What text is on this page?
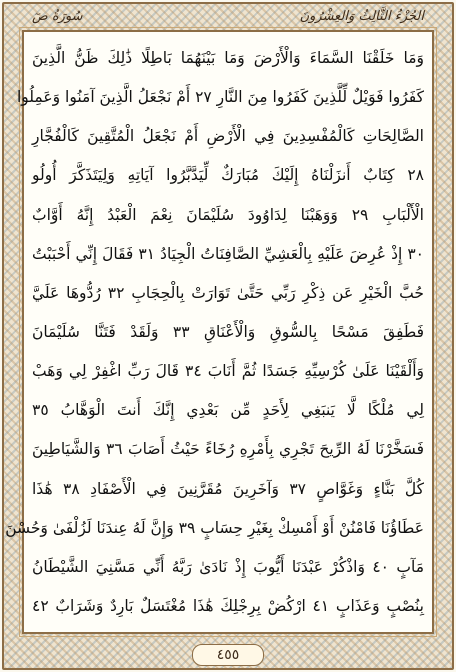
الجُزْءُ الثَّالِثُ وَالعِشْرُونَ
سُورَةُ صٓ
وَمَا خَلَقْنَا السَّمَاءَ وَالْأَرْضَ وَمَا بَيْنَهُمَا بَاطِلًا ذَٰلِكَ ظَنُّ الَّذِينَ
كَفَرُوا فَوَيْلٌ لِّلَّذِينَ كَفَرُوا مِنَ النَّارِ ٢٧ أَمْ نَجْعَلُ الَّذِينَ آمَنُوا وَعَمِلُوا
الصَّالِحَاتِ كَالْمُفْسِدِينَ فِي الْأَرْضِ أَمْ نَجْعَلُ الْمُتَّقِينَ كَالْفُجَّارِ
٢٨ كِتَابٌ أَنزَلْنَاهُ إِلَيْكَ مُبَارَكٌ لِّيَدَّبَّرُوا آيَاتِهِ وَلِيَتَذَكَّرَ أُولُو
الْأَلْبَابِ ٢٩ وَوَهَبْنَا لِدَاوُودَ سُلَيْمَانَ نِعْمَ الْعَبْدُ إِنَّهُ أَوَّابٌ
٣٠ إِذْ عُرِضَ عَلَيْهِ بِالْعَشِيِّ الصَّافِنَاتُ الْجِيَادُ ٣١ فَقَالَ إِنِّي أَحْبَبْتُ
حُبَّ الْخَيْرِ عَن ذِكْرِ رَبِّي حَتَّىٰ تَوَارَتْ بِالْحِجَابِ ٣٢ رُدُّوهَا عَلَيَّ
فَطَفِقَ مَسْحًا بِالسُّوقِ وَالْأَعْنَاقِ ٣٣ وَلَقَدْ فَتَنَّا سُلَيْمَانَ
وَأَلْقَيْنَا عَلَىٰ كُرْسِيِّهِ جَسَدًا ثُمَّ أَنَابَ ٣٤ قَالَ رَبِّ اغْفِرْ لِي وَهَبْ
لِي مُلْكًا لَّا يَنبَغِي لِأَحَدٍ مِّن بَعْدِي إِنَّكَ أَنتَ الْوَهَّابُ ٣٥
فَسَخَّرْنَا لَهُ الرِّيحَ تَجْرِي بِأَمْرِهِ رُخَاءً حَيْثُ أَصَابَ ٣٦ وَالشَّيَاطِينَ
كُلَّ بَنَّاءٍ وَغَوَّاصٍ ٣٧ وَآخَرِينَ مُقَرَّنِينَ فِي الْأَصْفَادِ ٣٨ هَٰذَا
عَطَاؤُنَا فَامْنُنْ أَوْ أَمْسِكْ بِغَيْرِ حِسَابٍ ٣٩ وَإِنَّ لَهُ عِندَنَا لَزُلْفَىٰ وَحُسْنَ
مَآبٍ ٤٠ وَاذْكُرْ عَبْدَنَا أَيُّوبَ إِذْ نَادَىٰ رَبَّهُ أَنِّي مَسَّنِيَ الشَّيْطَانُ
بِنُصْبٍ وَعَذَابٍ ٤١ ارْكُضْ بِرِجْلِكَ هَٰذَا مُغْتَسَلٌ بَارِدٌ وَشَرَابٌ ٤٢
٤٥٥
